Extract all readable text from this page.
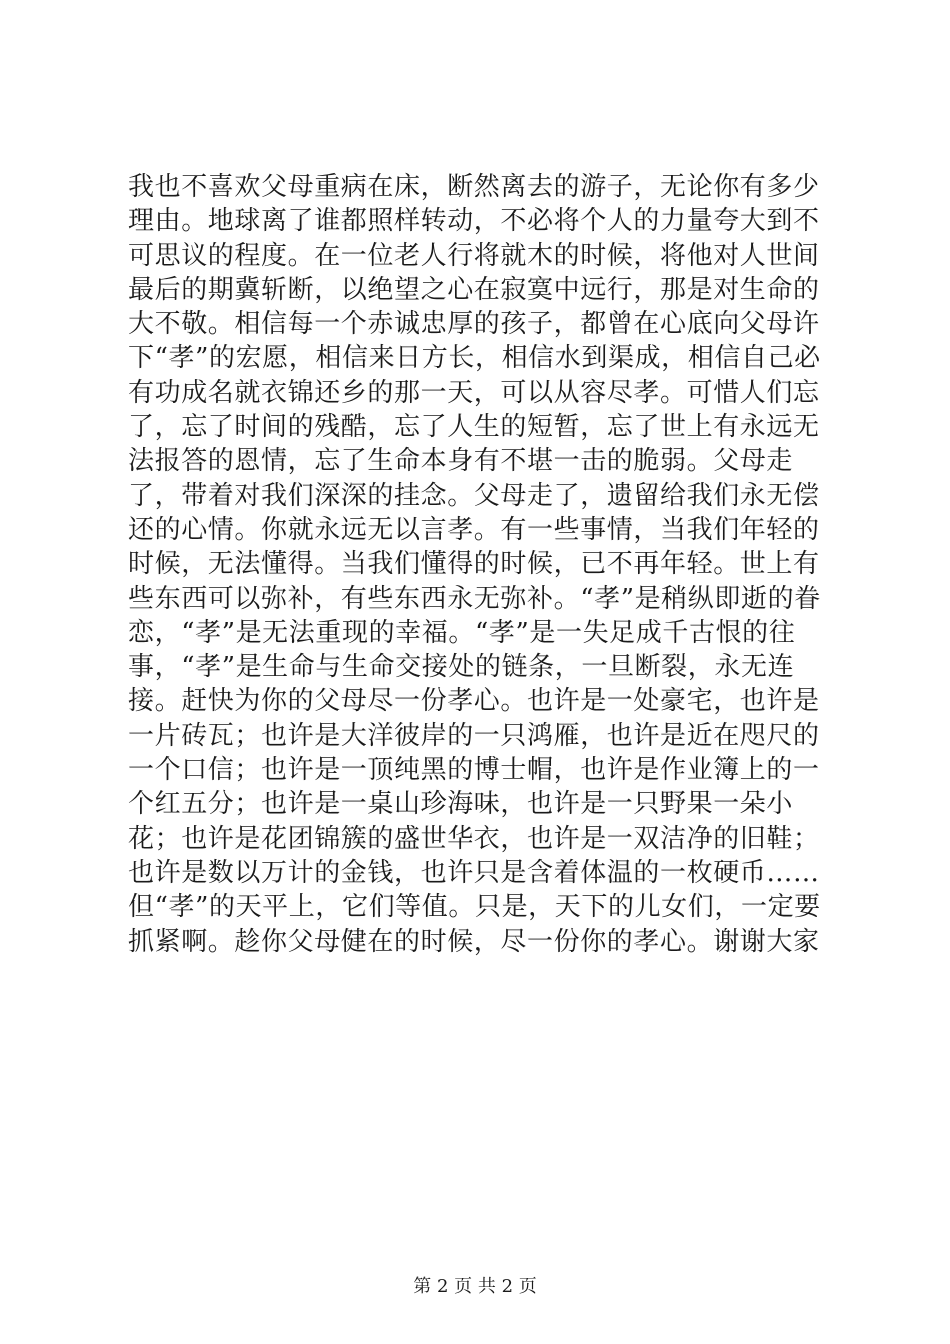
我也不喜欢父母重病在床，断然离去的游子，无论你有多少理由。地球离了谁都照样转动，不必将个人的力量夸大到不可思议的程度。在一位老人行将就木的时候，将他对人世间最后的期冀斩断，以绝望之心在寂寞中远行，那是对生命的大不敬。相信每一个赤诚忠厚的孩子，都曾在心底向父母许下“孝”的宏愿，相信来日方长，相信水到渠成，相信自己必有功成名就衣锦还乡的那一天，可以从容尽孝。可惜人们忘了，忘了时间的残酷，忘了人生的短暂，忘了世上有永远无法报答的恩情，忘了生命本身有不堪一击的脆弱。父母走了，带着对我们深深的挂念。父母走了，遗留给我们永无偿还的心情。你就永远无以言孝。有一些事情，当我们年轻的时候，无法懂得。当我们懂得的时候，已不再年轻。世上有些东西可以弥补，有些东西永无弥补。“孝”是稍纵即逝的眷恋，“孝”是无法重现的幸福。“孝”是一失足成千古恨的往事，“孝”是生命与生命交接处的链条，一旦断裂，永无连接。赶快为你的父母尽一份孝心。也许是一处豪宅，也许是一片砖瓦；也许是大洋彼岸的一只鸿雁，也许是近在咫尺的一个口信；也许是一顶纯黑的博士帽，也许是作业簿上的一个红五分；也许是一桌山珍海味，也许是一只野果一朵小花；也许是花团锦簇的盛世华衣，也许是一双洁净的旧鞋；也许是数以万计的金钱，也许只是含着体温的一枚硬币……但“孝”的天平上，它们等值。只是，天下的儿女们，一定要抓紧啊。趁你父母健在的时候，尽一份你的孝心。谢谢大家

第 2 页 共 2 页
